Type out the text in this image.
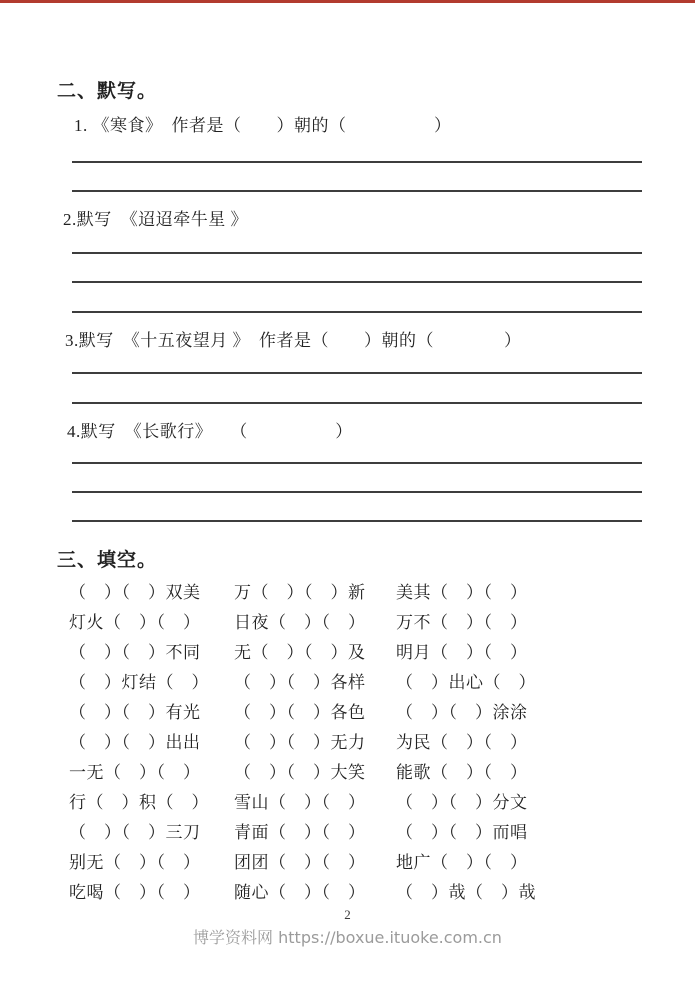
二、默写。
1. 《寒食》　作者是（　　）朝的（　　　　　）
2.默写　《迢迢牵牛星 》
3.默写　《十五夜望月 》　作者是（　　）朝的（　　　　）
4.默写　《长歌行》　　（　　　　　）
三、填空。
（　）（　）双美 万（　）（　）新 美其（　）（　）
灯火（　）（　） 日夜（　）（　） 万不（　）（　）
（　）（　）不同 无（　）（　）及 明月（　）（　）
（　）灯结（　） （　）（　）各样 （　）出心（　）
（　）（　）有光 （　）（　）各色 （　）（　）涂涂
（　）（　）出出 （　）（　）无力 为民（　）（　）
一无（　）（　） （　）（　）大笑 能歌（　）（　）
行（　）积（　） 雪山（　）（　） （　）（　）分文
（　）（　）三刀 青面（　）（　） （　）（　）而唱
别无（　）（　） 团团（　）（　） 地广（　）（　）
吃喝（　）（　） 随心（　）（　） （　）哉（　）哉
2
博学资料网 https://boxue.ituoke.com.cn
